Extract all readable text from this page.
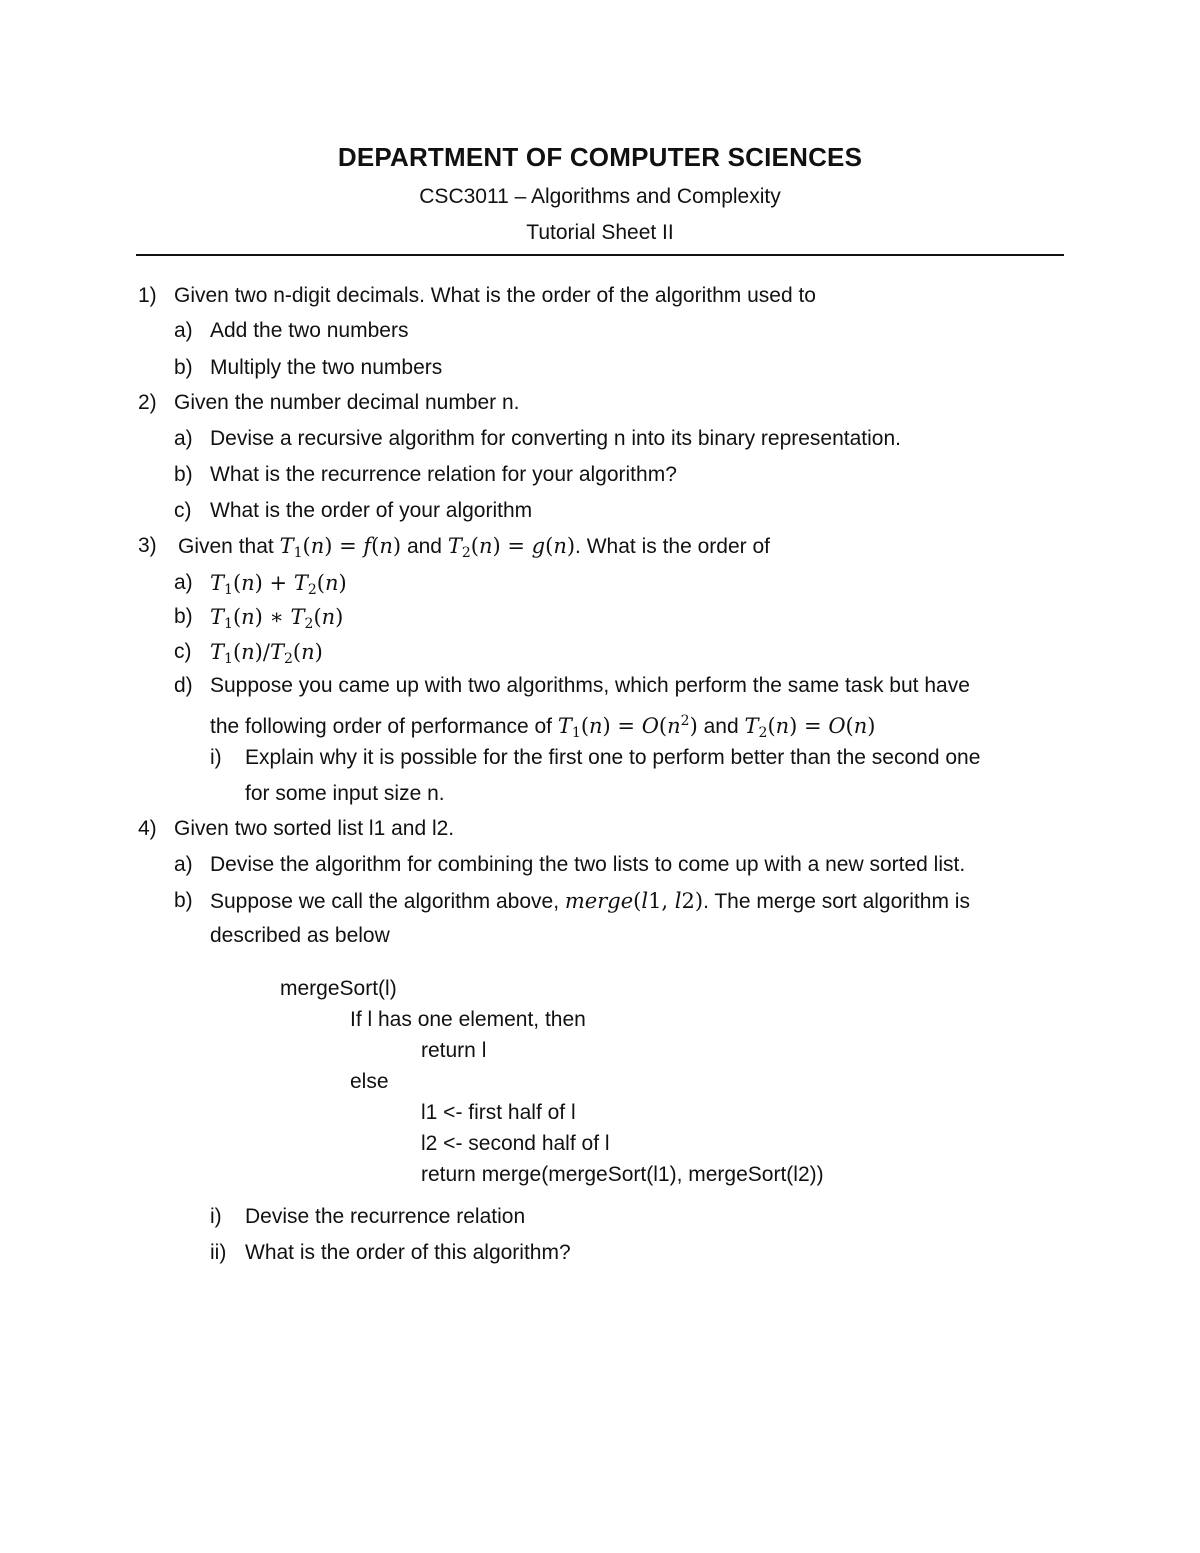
DEPARTMENT OF COMPUTER SCIENCES
CSC3011 – Algorithms and Complexity
Tutorial Sheet II
1) Given two n-digit decimals. What is the order of the algorithm used to
a) Add the two numbers
b) Multiply the two numbers
2) Given the number decimal number n.
a) Devise a recursive algorithm for converting n into its binary representation.
b) What is the recurrence relation for your algorithm?
c) What is the order of your algorithm
3) Given that $T_1(n) = f(n)$ and $T_2(n) = g(n)$. What is the order of
a) $T_1(n) + T_2(n)$
b) $T_1(n)$ ∗ $T_2(n)$
c) $T_1(n)/T_2(n)$
d) Suppose you came up with two algorithms, which perform the same task but have
the following order of performance of $T_1(n) = O(n^2)$ and $T_2(n) = O(n)$
i) Explain why it is possible for the first one to perform better than the second one
for some input size n.
4) Given two sorted list l1 and l2.
a) Devise the algorithm for combining the two lists to come up with a new sorted list.
b) Suppose we call the algorithm above, merge(l1, l2). The merge sort algorithm is
described as below
mergeSort(l)
If l has one element, then
return l
else
l1 <- first half of l
l2 <- second half of l
return merge(mergeSort(l1), mergeSort(l2))
i) Devise the recurrence relation
ii) What is the order of this algorithm?
